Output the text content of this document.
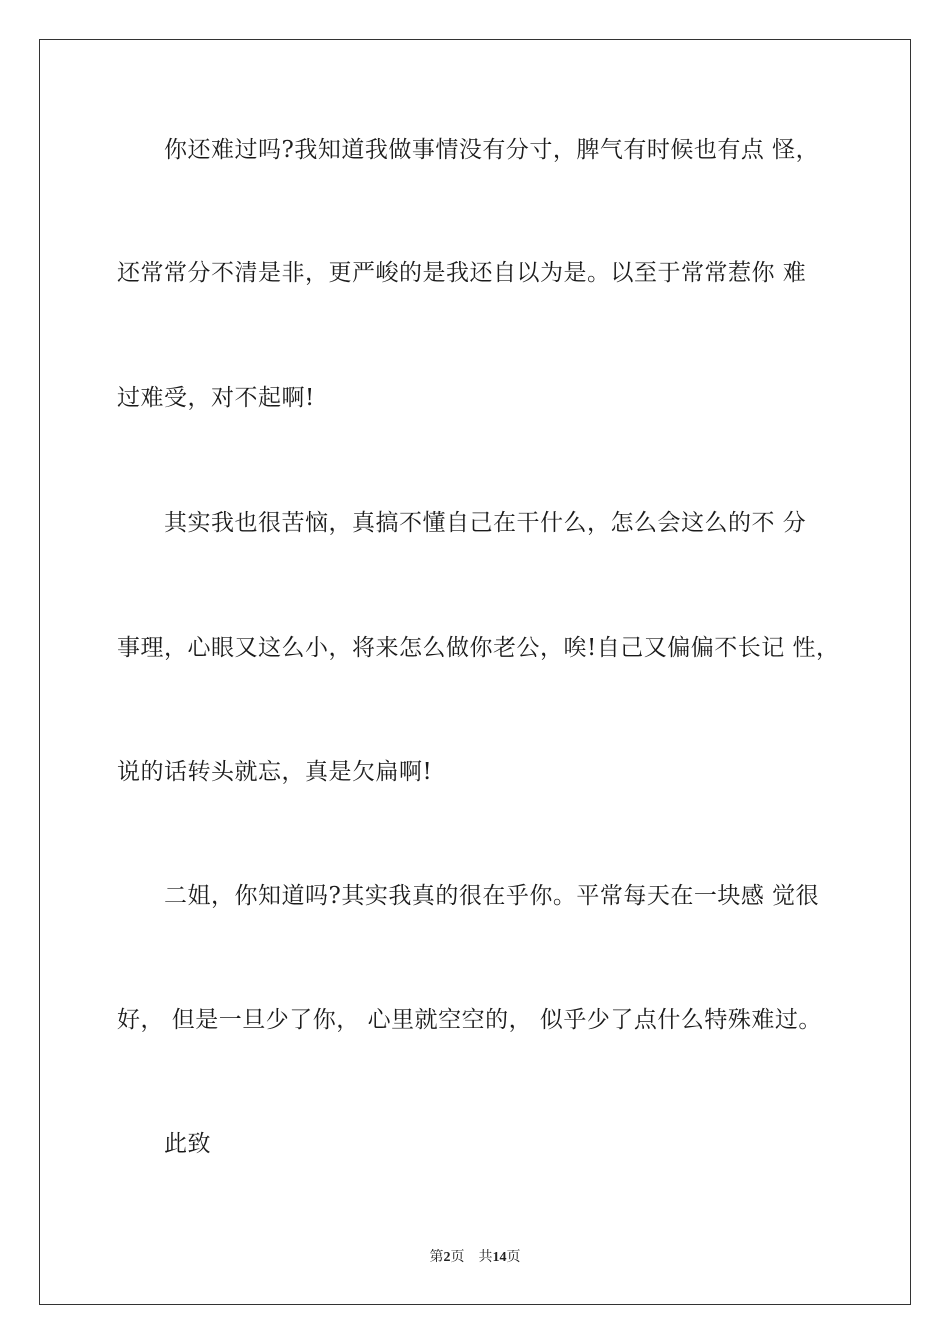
你还难过吗?我知道我做事情没有分寸，脾气有时候也有点 怪，
还常常分不清是非，更严峻的是我还自以为是。以至于常常惹你 难
过难受，对不起啊!
其实我也很苦恼，真搞不懂自己在干什么，怎么会这么的不 分
事理，心眼又这么小，将来怎么做你老公，唉!自己又偏偏不长记 性，
说的话转头就忘，真是欠扁啊!
二姐，你知道吗?其实我真的很在乎你。平常每天在一块感 觉很
好， 但是一旦少了你， 心里就空空的， 似乎少了点什么特殊难过。
此致
第2页 共14页
